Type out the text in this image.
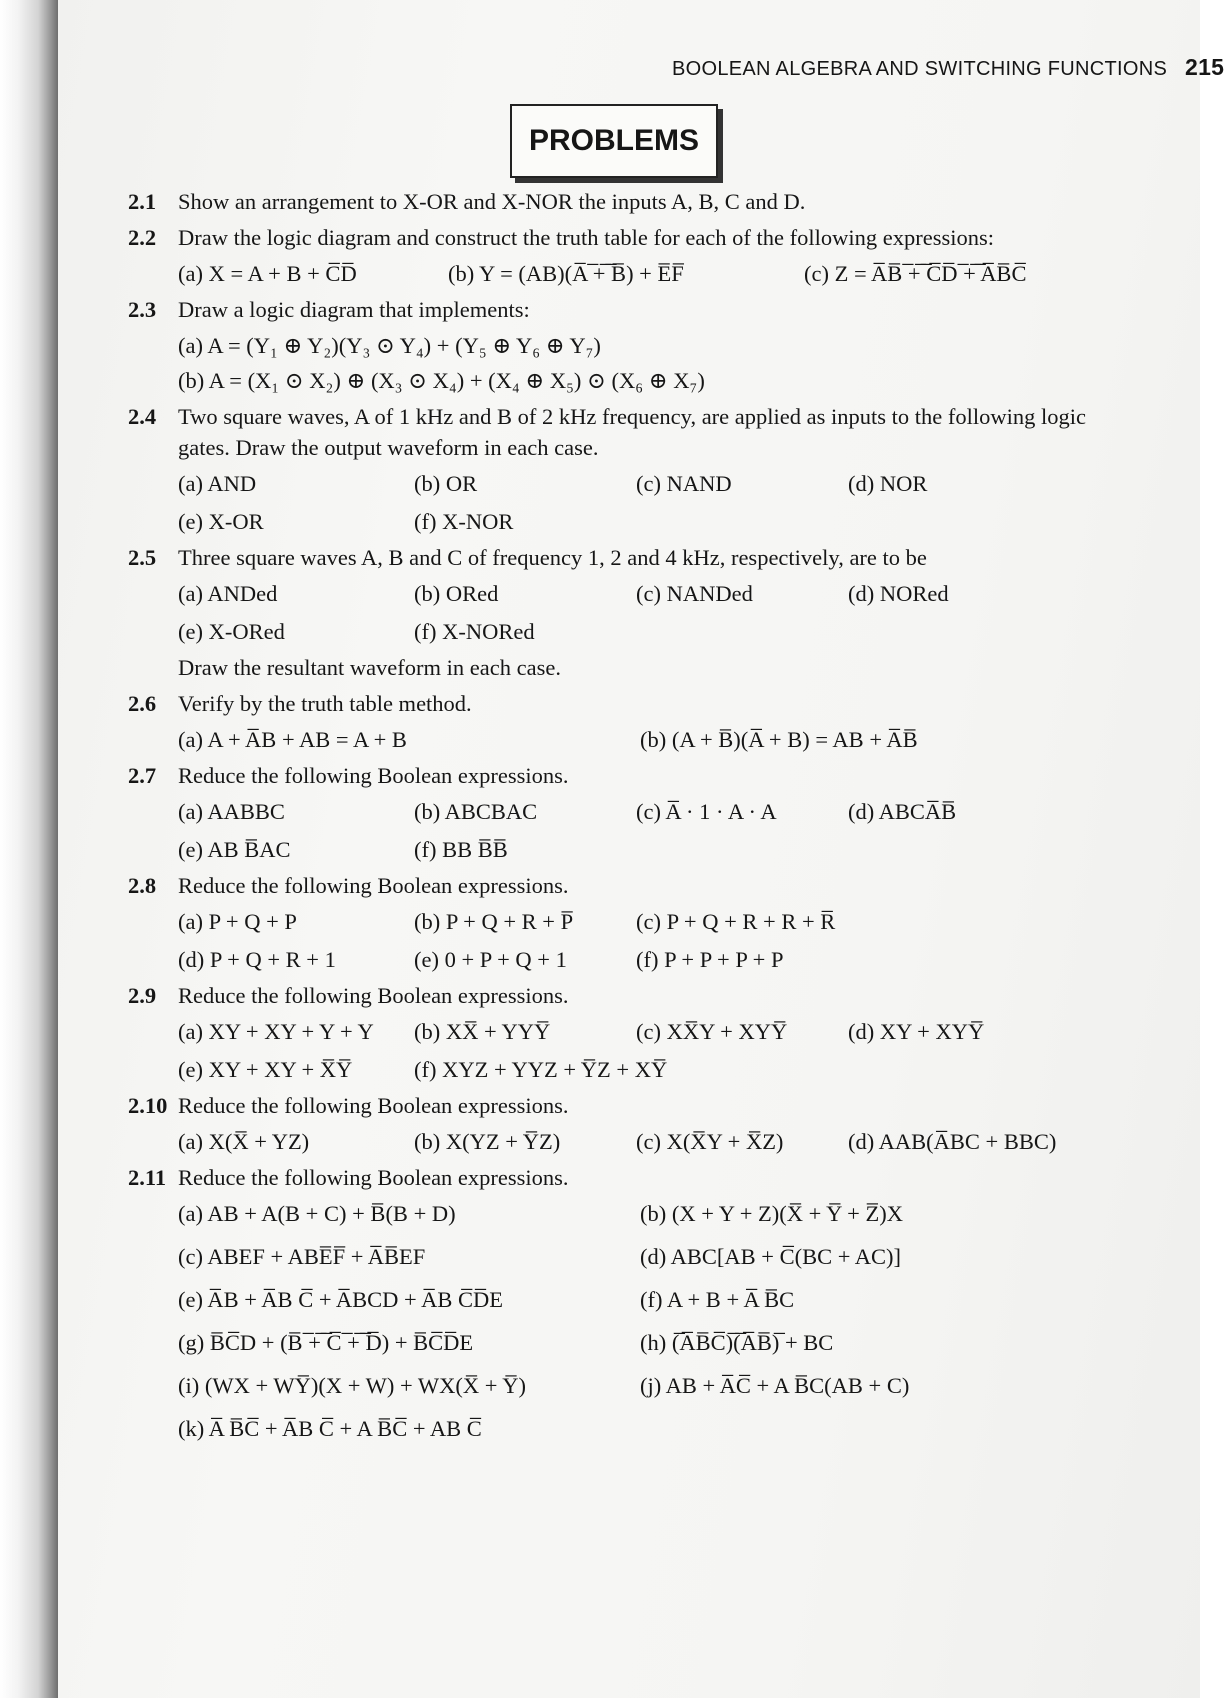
BOOLEAN ALGEBRA AND SWITCHING FUNCTIONS 215
PROBLEMS
2.1 Show an arrangement to X-OR and X-NOR the inputs A, B, C and D.
2.2 Draw the logic diagram and construct the truth table for each of the following expressions:
(a) X = A + B + C̅D̅	(b) Y = (AB)(A̅ ̅+̅ ̅B̅) + E̅F̅	(c) Z = A̅B̅ ̅+̅ ̅C̅D̅ ̅+̅ ̅A̅B̅C̅
2.3 Draw a logic diagram that implements:
(a) A = (Y₁ ⊕ Y₂)(Y₃ ⊙ Y₄) + (Y₅ ⊕ Y₆ ⊕ Y₇)
(b) A = (X₁ ⊙ X₂) ⊕ (X₃ ⊙ X₄) + (X₄ ⊕ X₅) ⊙ (X₆ ⊕ X₇)
2.4 Two square waves, A of 1 kHz and B of 2 kHz frequency, are applied as inputs to the following logic gates. Draw the output waveform in each case.
(a) AND	(b) OR	(c) NAND	(d) NOR
(e) X-OR	(f) X-NOR
2.5 Three square waves A, B and C of frequency 1, 2 and 4 kHz, respectively, are to be
(a) ANDed	(b) ORed	(c) NANDed	(d) NORed
(e) X-ORed	(f) X-NORed
Draw the resultant waveform in each case.
2.6 Verify by the truth table method.
(a) A + A̅B + AB = A + B	(b) (A + B̅)(A̅ + B) = AB + A̅B̅
2.7 Reduce the following Boolean expressions.
(a) AABBC	(b) ABCBAC	(c) A̅ · 1 · A · A	(d) ABCA̅B̅
(e) AB B̅AC	(f) BB B̅B̅
2.8 Reduce the following Boolean expressions.
(a) P + Q + P	(b) P + Q + R + P̅	(c) P + Q + R + R + R̅
(d) P + Q + R + 1	(e) 0 + P + Q + 1	(f) P + P + P + P
2.9 Reduce the following Boolean expressions.
(a) XY + XY + Y + Y	(b) XX̅ + YYY̅	(c) XX̅Y + XYY̅	(d) XY + XYY̅
(e) XY + XY + X̅Y̅	(f) XYZ + YYZ + Y̅Z + XY̅
2.10 Reduce the following Boolean expressions.
(a) X(X̅ + YZ)	(b) X(YZ + Y̅Z)	(c) X(X̅Y + X̅Z)	(d) AAB(A̅BC + BBC)
2.11 Reduce the following Boolean expressions.
(a) AB + A(B + C) + B̅(B + D)	(b) (X + Y + Z)(X̅ + Y̅ + Z̅)X
(c) ABEF + ABE̅F̅ + A̅B̅EF	(d) ABC[AB + C̅(BC + AC)]
(e) A̅B + A̅B C̅ + A̅BCD + A̅B C̅D̅E	(f) A + B + A̅ B̅C
(g) B̅C̅D + (B̅ ̅+̅ ̅C̅ ̅+̅ ̅D̅) + B̅C̅D̅E	(h) (̅A̅B̅C̅)̅(̅A̅B̅)̅ + BC
(i) (WX + WY̅)(X + W) + WX(X̅ + Y̅)	(j) AB + A̅C̅ + A B̅C(AB + C)
(k) A̅ B̅C̅ + A̅B C̅ + A B̅C̅ + AB C̅
